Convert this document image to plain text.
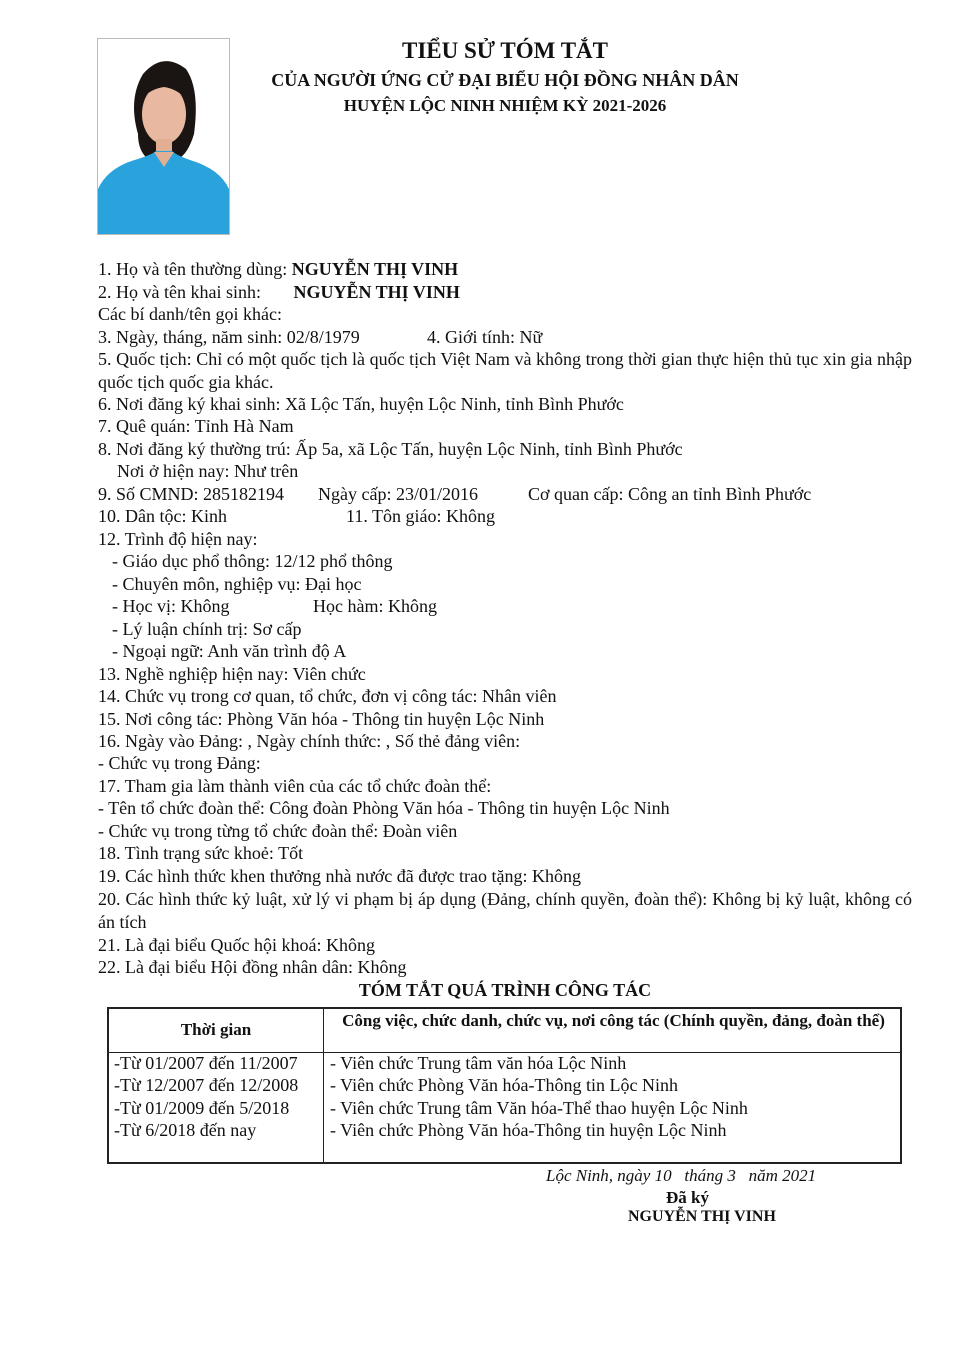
TIỂU SỬ TÓM TẮT
CỦA NGƯỜI ỨNG CỬ ĐẠI BIỂU HỘI ĐỒNG NHÂN DÂN
HUYỆN LỘC NINH NHIỆM KỲ 2021-2026
1. Họ và tên thường dùng: NGUYỄN THỊ VINH
2. Họ và tên khai sinh: NGUYỄN THỊ VINH
Các bí danh/tên gọi khác:
3. Ngày, tháng, năm sinh: 02/8/1979	4. Giới tính: Nữ
5. Quốc tịch: Chỉ có một quốc tịch là quốc tịch Việt Nam và không trong thời gian thực hiện thủ tục xin gia nhập quốc tịch quốc gia khác.
6. Nơi đăng ký khai sinh: Xã Lộc Tấn, huyện Lộc Ninh, tỉnh Bình Phước
7. Quê quán: Tỉnh Hà Nam
8. Nơi đăng ký thường trú: Ấp 5a, xã Lộc Tấn, huyện Lộc Ninh, tỉnh Bình Phước
Nơi ở hiện nay: Như trên
9. Số CMND: 285182194 Ngày cấp: 23/01/2016	Cơ quan cấp: Công an tỉnh Bình Phước
10. Dân tộc: Kinh	11. Tôn giáo: Không
12. Trình độ hiện nay:
- Giáo dục phổ thông: 12/12 phổ thông
- Chuyên môn, nghiệp vụ: Đại học
- Học vị: Không	Học hàm: Không
- Lý luận chính trị: Sơ cấp
- Ngoại ngữ: Anh văn trình độ A
13. Nghề nghiệp hiện nay: Viên chức
14. Chức vụ trong cơ quan, tổ chức, đơn vị công tác: Nhân viên
15. Nơi công tác: Phòng Văn hóa - Thông tin huyện Lộc Ninh
16. Ngày vào Đảng: , Ngày chính thức: , Số thẻ đảng viên:
- Chức vụ trong Đảng:
17. Tham gia làm thành viên của các tổ chức đoàn thể:
- Tên tổ chức đoàn thể: Công đoàn Phòng Văn hóa - Thông tin huyện Lộc Ninh
- Chức vụ trong từng tổ chức đoàn thể: Đoàn viên
18. Tình trạng sức khoẻ: Tốt
19. Các hình thức khen thưởng nhà nước đã được trao tặng: Không
20. Các hình thức kỷ luật, xử lý vi phạm bị áp dụng (Đảng, chính quyền, đoàn thể): Không bị kỷ luật, không có án tích
21. Là đại biểu Quốc hội khoá: Không
22. Là đại biểu Hội đồng nhân dân: Không
TÓM TẮT QUÁ TRÌNH CÔNG TÁC
Thời gian	Công việc, chức danh, chức vụ, nơi công tác (Chính quyền, đảng, đoàn thể)
-Từ 01/2007 đến 11/2007 - Viên chức Trung tâm văn hóa Lộc Ninh
-Từ 12/2007 đến 12/2008 - Viên chức Phòng Văn hóa-Thông tin Lộc Ninh
-Từ 01/2009 đến 5/2018 - Viên chức Trung tâm Văn hóa-Thể thao huyện Lộc Ninh
-Từ 6/2018 đến nay	- Viên chức Phòng Văn hóa-Thông tin huyện Lộc Ninh
Lộc Ninh, ngày 10   tháng 3   năm 2021
Đã ký
NGUYỄN THỊ VINH
